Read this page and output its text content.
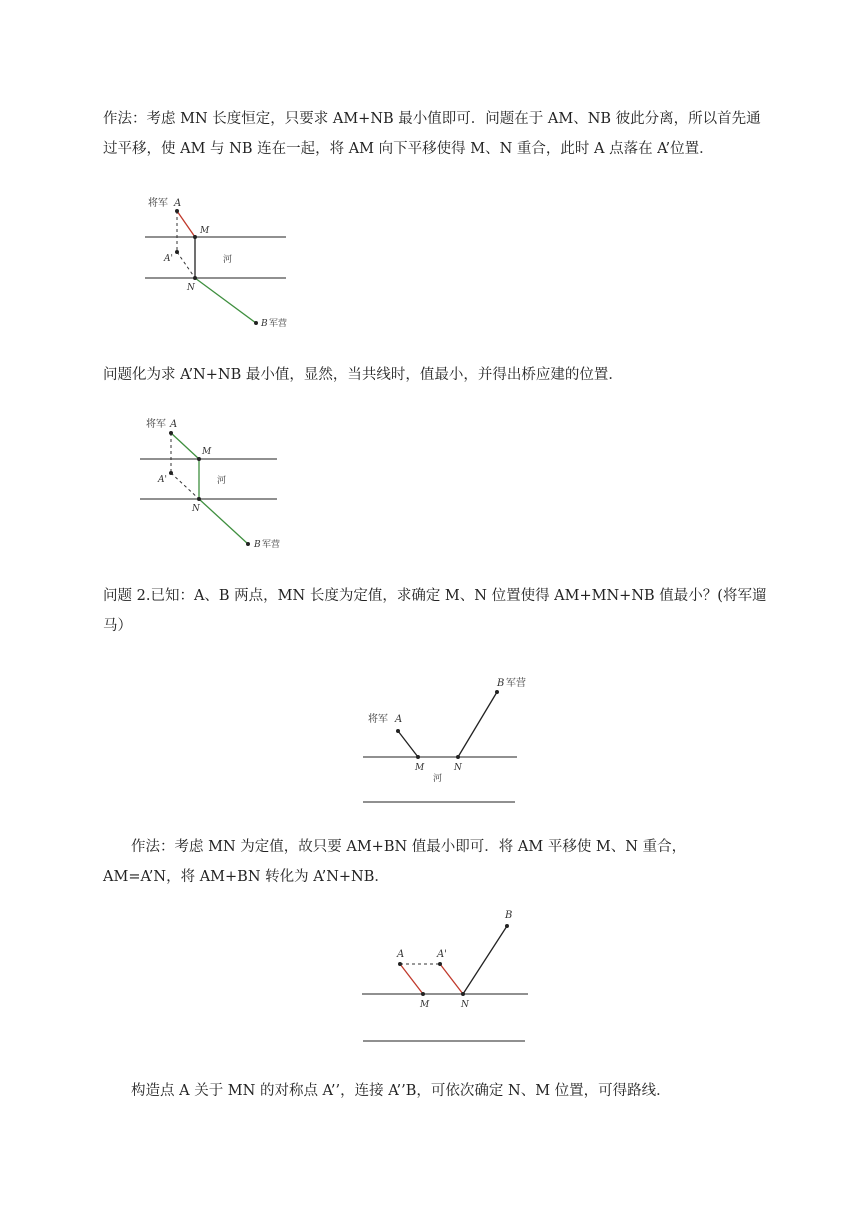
作法：考虑 MN 长度恒定，只要求 AM+NB 最小值即可．问题在于 AM、NB 彼此分离，所以首先通过平移，使 AM 与 NB 连在一起，将 AM 向下平移使得 M、N 重合，此时 A 点落在 A’位置．

将军 A
M
A'	河
N
B 军营

问题化为求 A’N+NB 最小值，显然，当共线时，值最小，并得出桥应建的位置．

将军 A
M
A'	河
N
B 军营

问题 2.已知：A、B 两点，MN 长度为定值，求确定 M、N 位置使得 AM+MN+NB 值最小？(将军遛马）

B 军营
将军 A
M	N
河

作法：考虑 MN 为定值，故只要 AM+BN 值最小即可．将 AM 平移使 M、N 重合，AM=A’N，将 AM+BN 转化为 A’N+NB．

B
A	A'
M	N

构造点 A 关于 MN 的对称点 A’’，连接 A’’B，可依次确定 N、M 位置，可得路线．
